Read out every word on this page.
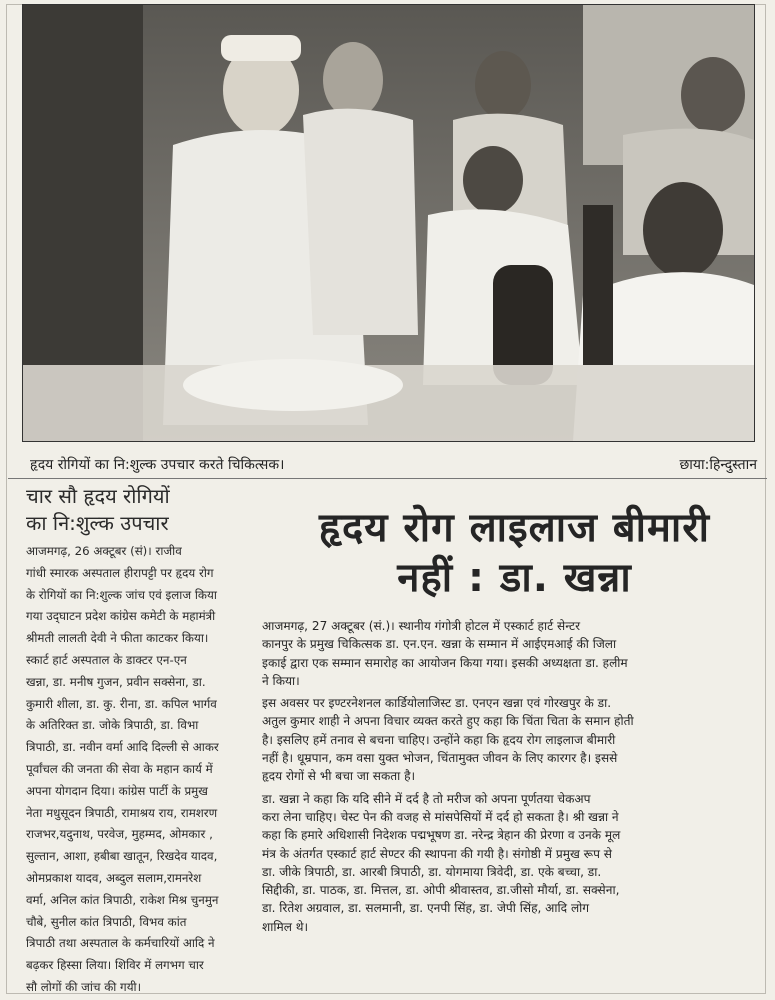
हृदय रोगियों का नि:शुल्क उपचार करते चिकित्सक।	छाया:हिन्दुस्तान
चार सौ हृदय रोगियों
का नि:शुल्क उपचार
आजमगढ़, 26 अक्टूबर (सं)। राजीव
गांधी स्मारक अस्पताल हीरापट्टी पर हृदय रोग
के रोगियों का नि:शुल्क जांच एवं इलाज किया
गया उद्‍घाटन प्रदेश कांग्रेस कमेटी के महामंत्री
श्रीमती लालती देवी ने फीता काटकर किया।
स्कार्ट हार्ट अस्पताल के डाक्टर एन-एन
खन्ना, डा. मनीष गुजन, प्रवीन सक्सेना, डा.
कुमारी शीला, डा. कु. रीना, डा. कपिल भार्गव
के अतिरिक्त डा. जोके त्रिपाठी, डा. विभा
त्रिपाठी, डा. नवीन वर्मा आदि दिल्ली से आकर
पूर्वांचल की जनता की सेवा के महान कार्य में
अपना योगदान दिया। कांग्रेस पार्टी के प्रमुख
नेता मधुसूदन त्रिपाठी, रामाश्रय राय, रामशरण
राजभर,यदुनाथ, परवेज, मुहम्मद, ओमकार ,
सुल्तान, आशा, हबीबा खातून, रिखदेव यादव,
ओमप्रकाश यादव, अब्दुल सलाम,रामनरेश
वर्मा, अनिल कांत त्रिपाठी, राकेश मिश्र चुनमुन
चौबे, सुनील कांत त्रिपाठी, विभव कांत
त्रिपाठी तथा अस्पताल के कर्मचारियों आदि ने
बढ़कर हिस्सा लिया। शिविर में लगभग चार
सौ लोगों की जांच की गयी।
हृदय रोग लाइलाज बीमारी
नहीं : डा. खन्ना

आजमगढ़, 27 अक्टूबर (सं.)। स्थानीय गंगोत्री होटल में एस्कार्ट हार्ट सेन्टर
कानपुर के प्रमुख चिकित्सक डा. एन.एन. खन्ना के सम्मान में आईएमआई की जिला
इकाई द्वारा एक सम्मान समारोह का आयोजन किया गया। इसकी अध्यक्षता डा. हलीम
ने किया।

इस अवसर पर इण्टरनेशनल कार्डियोलाजिस्ट डा. एनएन खन्ना एवं गोरखपुर के डा.
अतुल कुमार शाही ने अपना विचार व्यक्त करते हुए कहा कि चिंता चिता के समान होती
है। इसलिए हमें तनाव से बचना चाहिए। उन्होंने कहा कि हृदय रोग लाइलाज बीमारी
नहीं है। धूम्रपान, कम वसा युक्त भोजन, चिंतामुक्त जीवन के लिए कारगर है। इससे
हृदय रोगों से भी बचा जा सकता है।

डा. खन्ना ने कहा कि यदि सीने में दर्द है तो मरीज को अपना पूर्णतया चेकअप
करा लेना चाहिए। चेस्ट पेन की वजह से मांसपेसियों में दर्द हो सकता है। श्री खन्ना ने
कहा कि हमारे अधिशासी निदेशक पद्मभूषण डा. नरेन्द्र त्रेहान की प्रेरणा व उनके मूल
मंत्र के अंतर्गत एस्कार्ट हार्ट सेण्टर की स्थापना की गयी है। संगोष्ठी में प्रमुख रूप से
डा. जीके त्रिपाठी, डा. आरबी त्रिपाठी, डा. योगमाया त्रिवेदी, डा. एके बच्चा, डा.
सिद्दीकी, डा. पाठक, डा. मित्तल, डा. ओपी श्रीवास्तव, डा.जीसो मौर्या, डा. सक्सेना,
डा. रितेश अग्रवाल, डा. सलमानी, डा. एनपी सिंह, डा. जेपी सिंह, आदि लोग
शामिल थे।
